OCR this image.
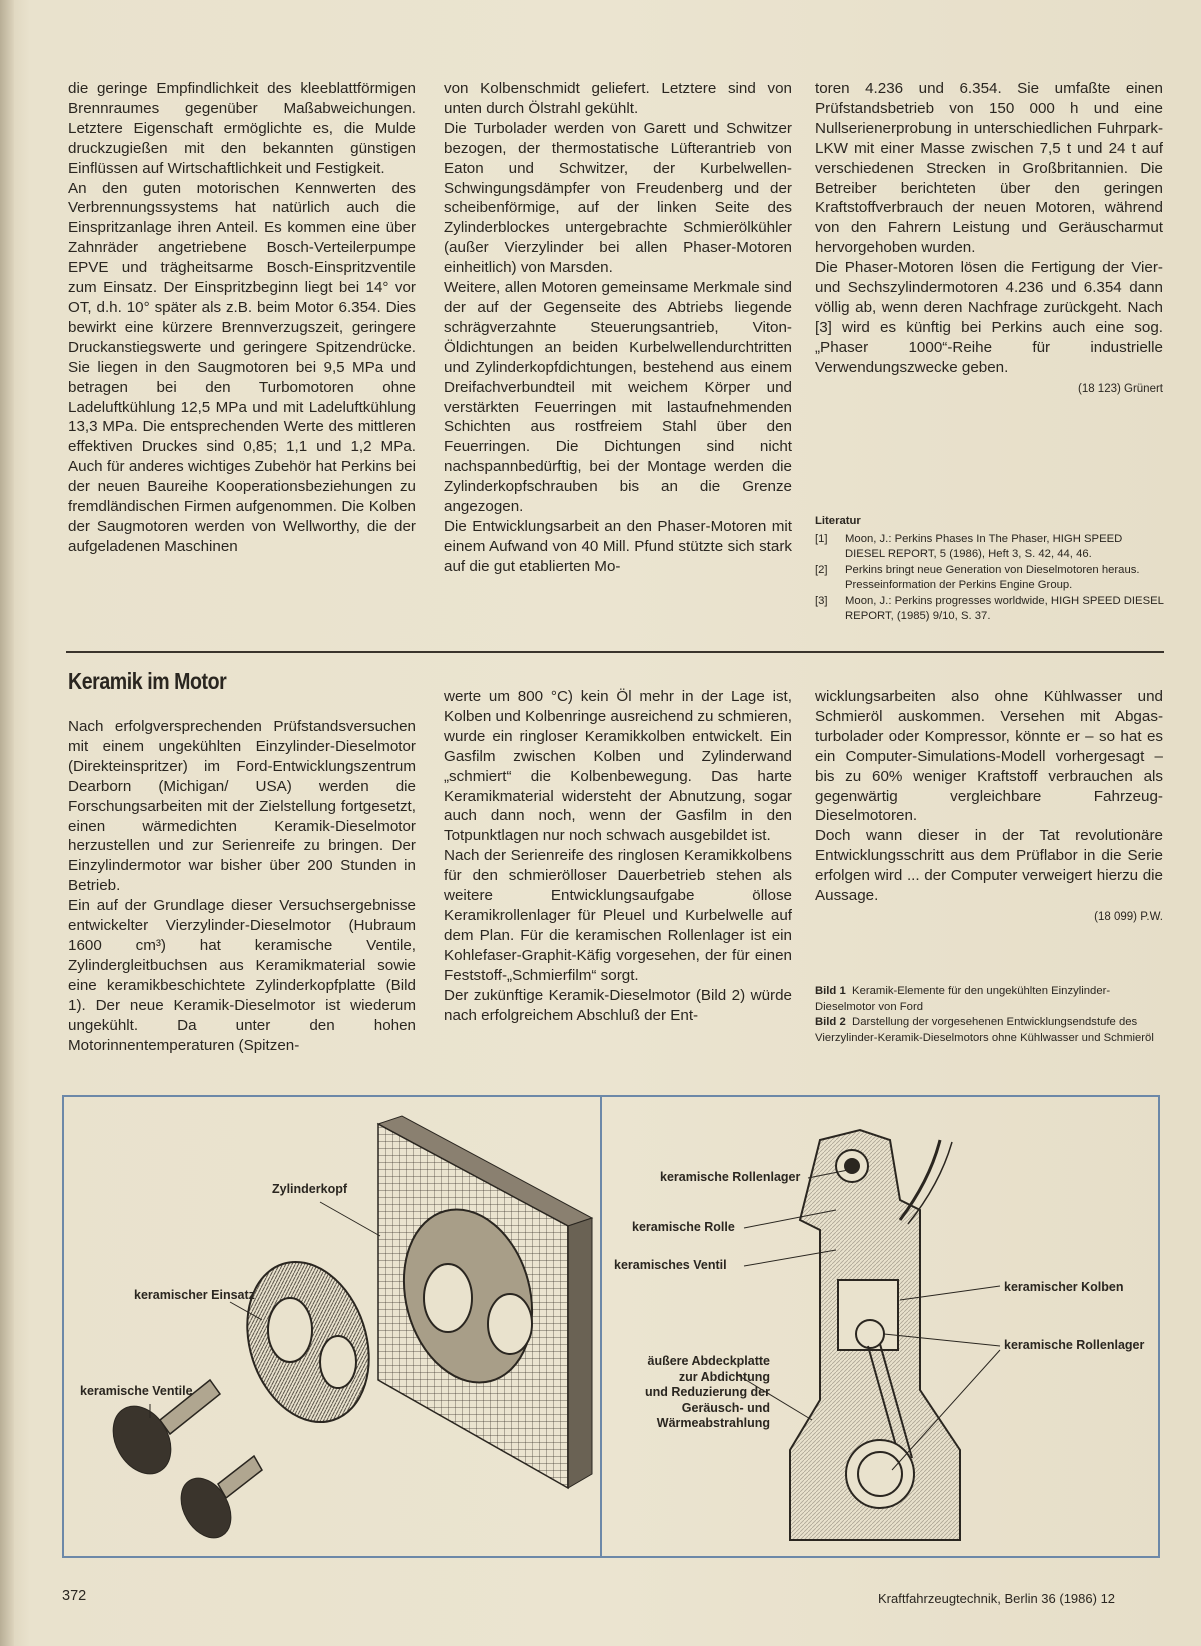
die geringe Empfindlichkeit des kleeblattförmigen Brennraumes gegenüber Maßabweichungen. Letztere Eigenschaft ermöglichte es, die Mulde druckzugießen mit den bekannten günstigen Einflüssen auf Wirtschaftlichkeit und Festigkeit.

An den guten motorischen Kennwerten des Verbrennungssystems hat natürlich auch die Einspritzanlage ihren Anteil. Es kommen eine über Zahnräder angetriebene Bosch-Verteilerpumpe EPVE und trägheitsarme Bosch-Einspritzventile zum Einsatz. Der Einspritzbeginn liegt bei 14° vor OT, d.h. 10° später als z.B. beim Motor 6.354. Dies bewirkt eine kürzere Brennverzugszeit, geringere Druckanstiegswerte und geringere Spitzendrücke. Sie liegen in den Saugmotoren bei 9,5 MPa und betragen bei den Turbomotoren ohne Ladeluftkühlung 12,5 MPa und mit Ladeluftkühlung 13,3 MPa. Die entsprechenden Werte des mittleren effektiven Druckes sind 0,85; 1,1 und 1,2 MPa. Auch für anderes wichtiges Zubehör hat Perkins bei der neuen Baureihe Kooperationsbeziehungen zu fremdländischen Firmen aufgenommen. Die Kolben der Saugmotoren werden von Wellworthy, die der aufgeladenen Maschinen

von Kolbenschmidt geliefert. Letztere sind von unten durch Ölstrahl gekühlt.

Die Turbolader werden von Garett und Schwitzer bezogen, der thermostatische Lüfterantrieb von Eaton und Schwitzer, der Kurbelwellen-Schwingungsdämpfer von Freudenberg und der scheibenförmige, auf der linken Seite des Zylinderblockes untergebrachte Schmierölkühler (außer Vierzylinder bei allen Phaser-Motoren einheitlich) von Marsden.

Weitere, allen Motoren gemeinsame Merkmale sind der auf der Gegenseite des Abtriebs liegende schrägverzahnte Steuerungsantrieb, Viton-Öldichtungen an beiden Kurbelwellendurchtritten und Zylinderkopfdichtungen, bestehend aus einem Dreifachverbundteil mit weichem Körper und verstärkten Feuerringen mit lastaufnehmenden Schichten aus rostfreiem Stahl über den Feuerringen. Die Dichtungen sind nicht nachspannbedürftig, bei der Montage werden die Zylinderkopfschrauben bis an die Grenze angezogen.

Die Entwicklungsarbeit an den Phaser-Motoren mit einem Aufwand von 40 Mill. Pfund stützte sich stark auf die gut etablierten Mo-

toren 4.236 und 6.354. Sie umfaßte einen Prüfstandsbetrieb von 150 000 h und eine Nullserienerprobung in unterschiedlichen Fuhrpark-LKW mit einer Masse zwischen 7,5 t und 24 t auf verschiedenen Strecken in Großbritannien. Die Betreiber berichteten über den geringen Kraftstoffverbrauch der neuen Motoren, während von den Fahrern Leistung und Geräuscharmut hervorgehoben wurden.

Die Phaser-Motoren lösen die Fertigung der Vier- und Sechszylindermotoren 4.236 und 6.354 dann völlig ab, wenn deren Nachfrage zurückgeht. Nach [3] wird es künftig bei Perkins auch eine sog. „Phaser 1000“-Reihe für industrielle Verwendungszwecke geben.

(18 123) Grünert
Literatur
[1]	Moon, J.: Perkins Phases In The Phaser, HIGH SPEED DIESEL REPORT, 5 (1986), Heft 3, S. 42, 44, 46.
[2]	Perkins bringt neue Generation von Dieselmotoren heraus. Presseinformation der Perkins Engine Group.
[3]	Moon, J.: Perkins progresses worldwide, HIGH SPEED DIESEL REPORT, (1985) 9/10, S. 37.
Keramik im Motor

Nach erfolgversprechenden Prüfstandsversuchen mit einem ungekühlten Einzylinder-Dieselmotor (Direkteinspritzer) im Ford-Entwicklungszentrum Dearborn (Michigan/ USA) werden die Forschungsarbeiten mit der Zielstellung fortgesetzt, einen wärmedichten Keramik-Dieselmotor herzustellen und zur Serienreife zu bringen. Der Einzylindermotor war bisher über 200 Stunden in Betrieb.

Ein auf der Grundlage dieser Versuchsergebnisse entwickelter Vierzylinder-Dieselmotor (Hubraum 1600 cm³) hat keramische Ventile, Zylindergleitbuchsen aus Keramikmaterial sowie eine keramikbeschichtete Zylinderkopfplatte (Bild 1). Der neue Keramik-Dieselmotor ist wiederum ungekühlt. Da unter den hohen Motorinnentemperaturen (Spitzen-

werte um 800 °C) kein Öl mehr in der Lage ist, Kolben und Kolbenringe ausreichend zu schmieren, wurde ein ringloser Keramikkolben entwickelt. Ein Gasfilm zwischen Kolben und Zylinderwand „schmiert“ die Kolbenbewegung. Das harte Keramikmaterial widersteht der Abnutzung, sogar auch dann noch, wenn der Gasfilm in den Totpunktlagen nur noch schwach ausgebildet ist.

Nach der Serienreife des ringlosen Keramikkolbens für den schmierölloser Dauerbetrieb stehen als weitere Entwicklungsaufgabe öllose Keramikrollenlager für Pleuel und Kurbelwelle auf dem Plan. Für die keramischen Rollenlager ist ein Kohlefaser-Graphit-Käfig vorgesehen, der für einen Feststoff-„Schmierfilm“ sorgt.

Der zukünftige Keramik-Dieselmotor (Bild 2) würde nach erfolgreichem Abschluß der Ent-

wicklungsarbeiten also ohne Kühlwasser und Schmieröl auskommen. Versehen mit Abgasturbolader oder Kompressor, könnte er – so hat es ein Computer-Simulations-Modell vorhergesagt – bis zu 60% weniger Kraftstoff verbrauchen als gegenwärtig vergleichbare Fahrzeug-Dieselmotoren.

Doch wann dieser in der Tat revolutionäre Entwicklungsschritt aus dem Prüflabor in die Serie erfolgen wird ... der Computer verweigert hierzu die Aussage.

(18 099) P.W.
Bild 1 Keramik-Elemente für den ungekühlten Einzylinder-Dieselmotor von Ford
Bild 2 Darstellung der vorgesehenen Entwicklungsendstufe des Vierzylinder-Keramik-Dieselmotors ohne Kühlwasser und Schmieröl
Zylinderkopf
keramischer Einsatz
keramische Ventile
keramische Rollenlager
keramische Rolle
keramisches Ventil
keramischer Kolben
keramische Rollenlager
äußere Abdeckplatte
zur Abdichtung
und Reduzierung der
Geräusch- und
Wärmeabstrahlung
372	Kraftfahrzeugtechnik, Berlin 36 (1986) 12
